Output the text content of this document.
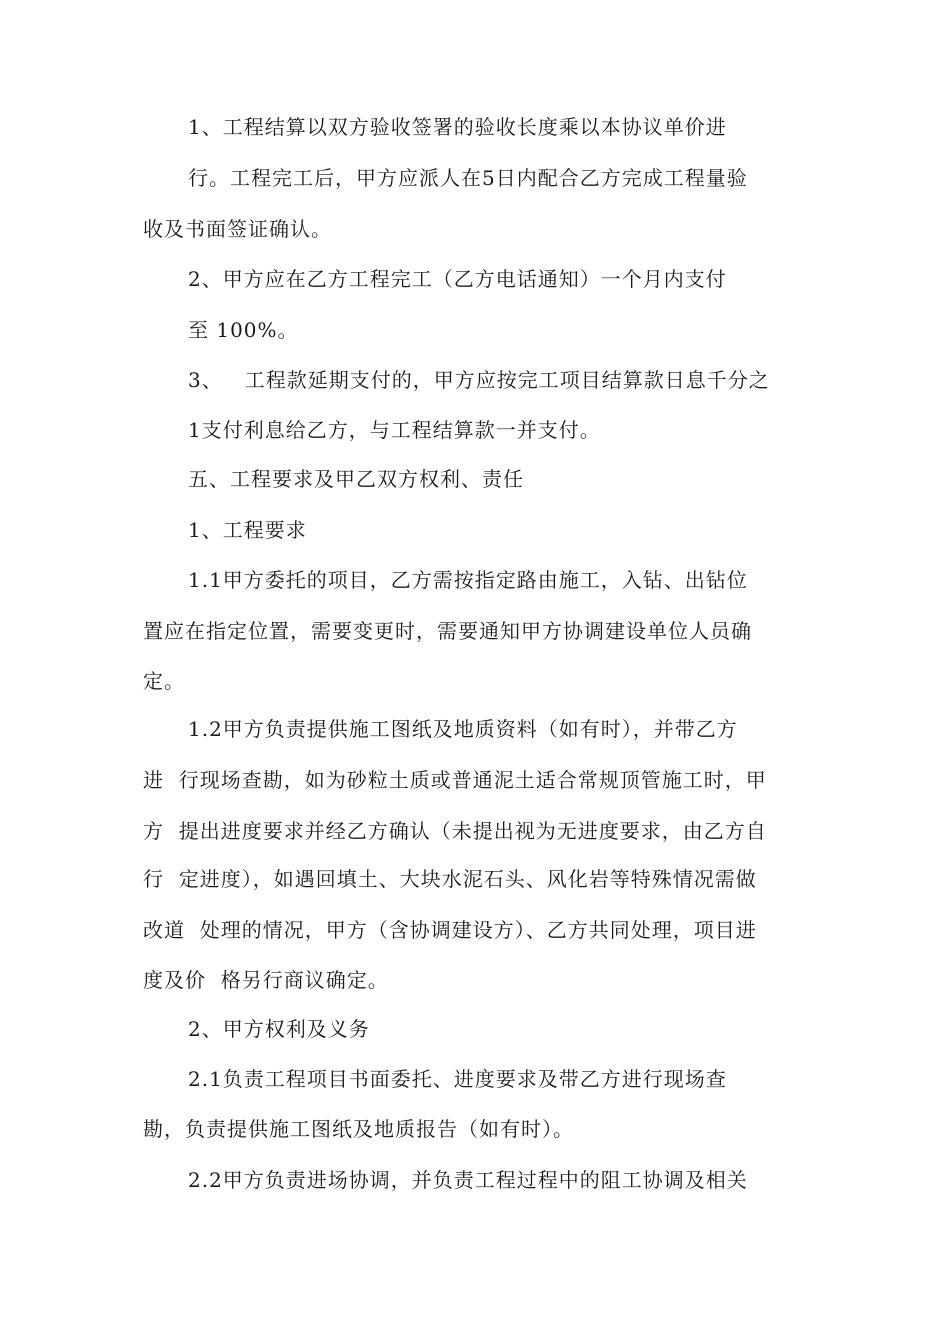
1、工程结算以双方验收签署的验收长度乘以本协议单价进
行。工程完工后，甲方应派人在5日内配合乙方完成工程量验
收及书面签证确认。
2、甲方应在乙方工程完工（乙方电话通知）一个月内支付
至 100%。
3、   工程款延期支付的，甲方应按完工项目结算款日息千分之
1支付利息给乙方，与工程结算款一并支付。
五、工程要求及甲乙双方权利、责任
1、工程要求
1.1甲方委托的项目，乙方需按指定路由施工，入钻、出钻位
置应在指定位置，需要变更时，需要通知甲方协调建设单位人员确
定。
1.2甲方负责提供施工图纸及地质资料（如有时），并带乙方
进  行现场查勘，如为砂粒土质或普通泥土适合常规顶管施工时，甲
方  提出进度要求并经乙方确认（未提出视为无进度要求，由乙方自
行  定进度），如遇回填土、大块水泥石头、风化岩等特殊情况需做
改道  处理的情况，甲方（含协调建设方）、乙方共同处理，项目进
度及价  格另行商议确定。
2、甲方权利及义务
2.1负责工程项目书面委托、进度要求及带乙方进行现场查
勘，负责提供施工图纸及地质报告（如有时）。
2.2甲方负责进场协调，并负责工程过程中的阻工协调及相关
